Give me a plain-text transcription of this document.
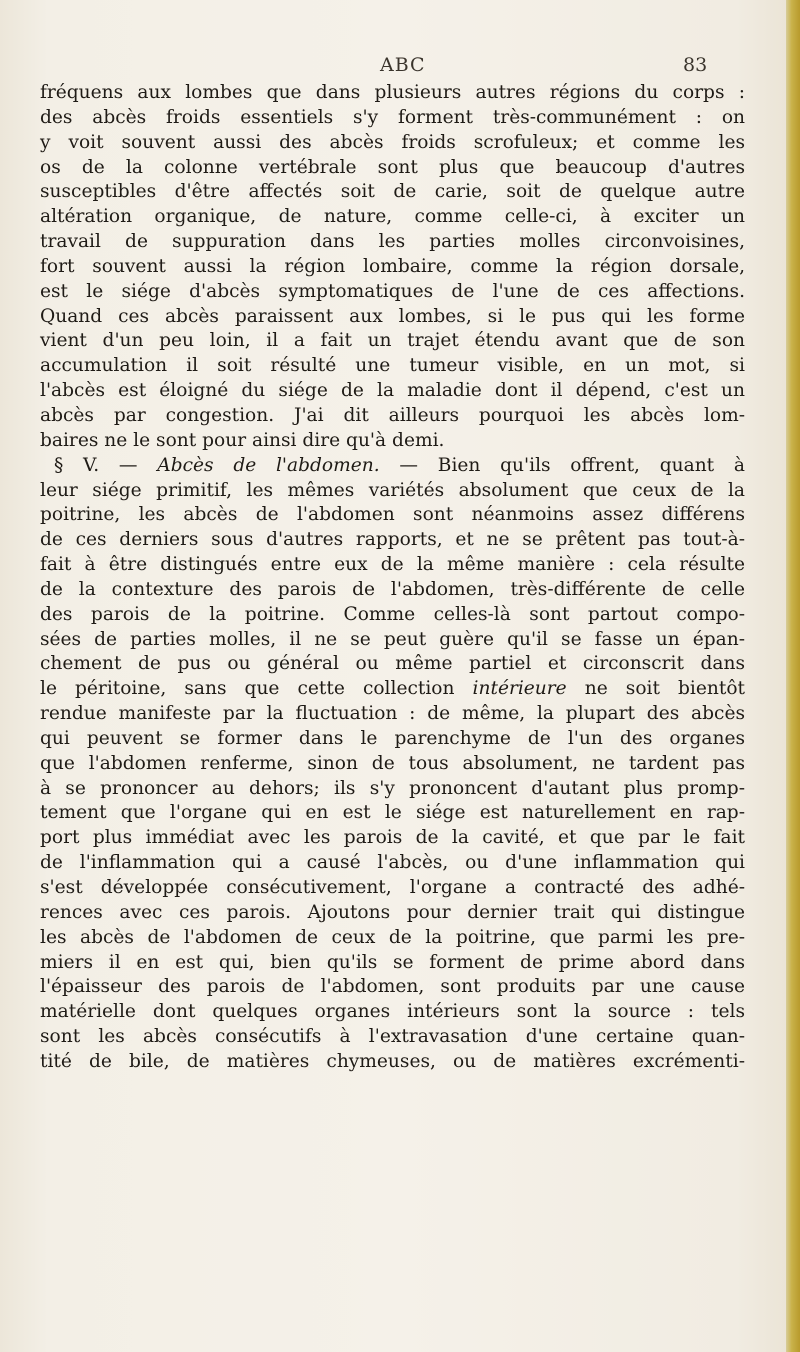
ABC	83
fréquens aux lombes que dans plusieurs autres régions du corps :
des abcès froids essentiels s'y forment très-communément : on
y voit souvent aussi des abcès froids scrofuleux; et comme les
os de la colonne vertébrale sont plus que beaucoup d'autres
susceptibles d'être affectés soit de carie, soit de quelque autre
altération organique, de nature, comme celle-ci, à exciter un
travail de suppuration dans les parties molles circonvoisines,
fort souvent aussi la région lombaire, comme la région dorsale,
est le siége d'abcès symptomatiques de l'une de ces affections.
Quand ces abcès paraissent aux lombes, si le pus qui les forme
vient d'un peu loin, il a fait un trajet étendu avant que de son
accumulation il soit résulté une tumeur visible, en un mot, si
l'abcès est éloigné du siége de la maladie dont il dépend, c'est un
abcès par congestion. J'ai dit ailleurs pourquoi les abcès lom-
baires ne le sont pour ainsi dire qu'à demi.
§ V. — Abcès de l'abdomen. — Bien qu'ils offrent, quant à
leur siége primitif, les mêmes variétés absolument que ceux de la
poitrine, les abcès de l'abdomen sont néanmoins assez différens
de ces derniers sous d'autres rapports, et ne se prêtent pas tout-à-
fait à être distingués entre eux de la même manière : cela résulte
de la contexture des parois de l'abdomen, très-différente de celle
des parois de la poitrine. Comme celles-là sont partout compo-
sées de parties molles, il ne se peut guère qu'il se fasse un épan-
chement de pus ou général ou même partiel et circonscrit dans
le péritoine, sans que cette collection intérieure ne soit bientôt
rendue manifeste par la fluctuation : de même, la plupart des abcès
qui peuvent se former dans le parenchyme de l'un des organes
que l'abdomen renferme, sinon de tous absolument, ne tardent pas
à se prononcer au dehors; ils s'y prononcent d'autant plus promp-
tement que l'organe qui en est le siége est naturellement en rap-
port plus immédiat avec les parois de la cavité, et que par le fait
de l'inflammation qui a causé l'abcès, ou d'une inflammation qui
s'est développée consécutivement, l'organe a contracté des adhé-
rences avec ces parois. Ajoutons pour dernier trait qui distingue
les abcès de l'abdomen de ceux de la poitrine, que parmi les pre-
miers il en est qui, bien qu'ils se forment de prime abord dans
l'épaisseur des parois de l'abdomen, sont produits par une cause
matérielle dont quelques organes intérieurs sont la source : tels
sont les abcès consécutifs à l'extravasation d'une certaine quan-
tité de bile, de matières chymeuses, ou de matières excrémenti-
